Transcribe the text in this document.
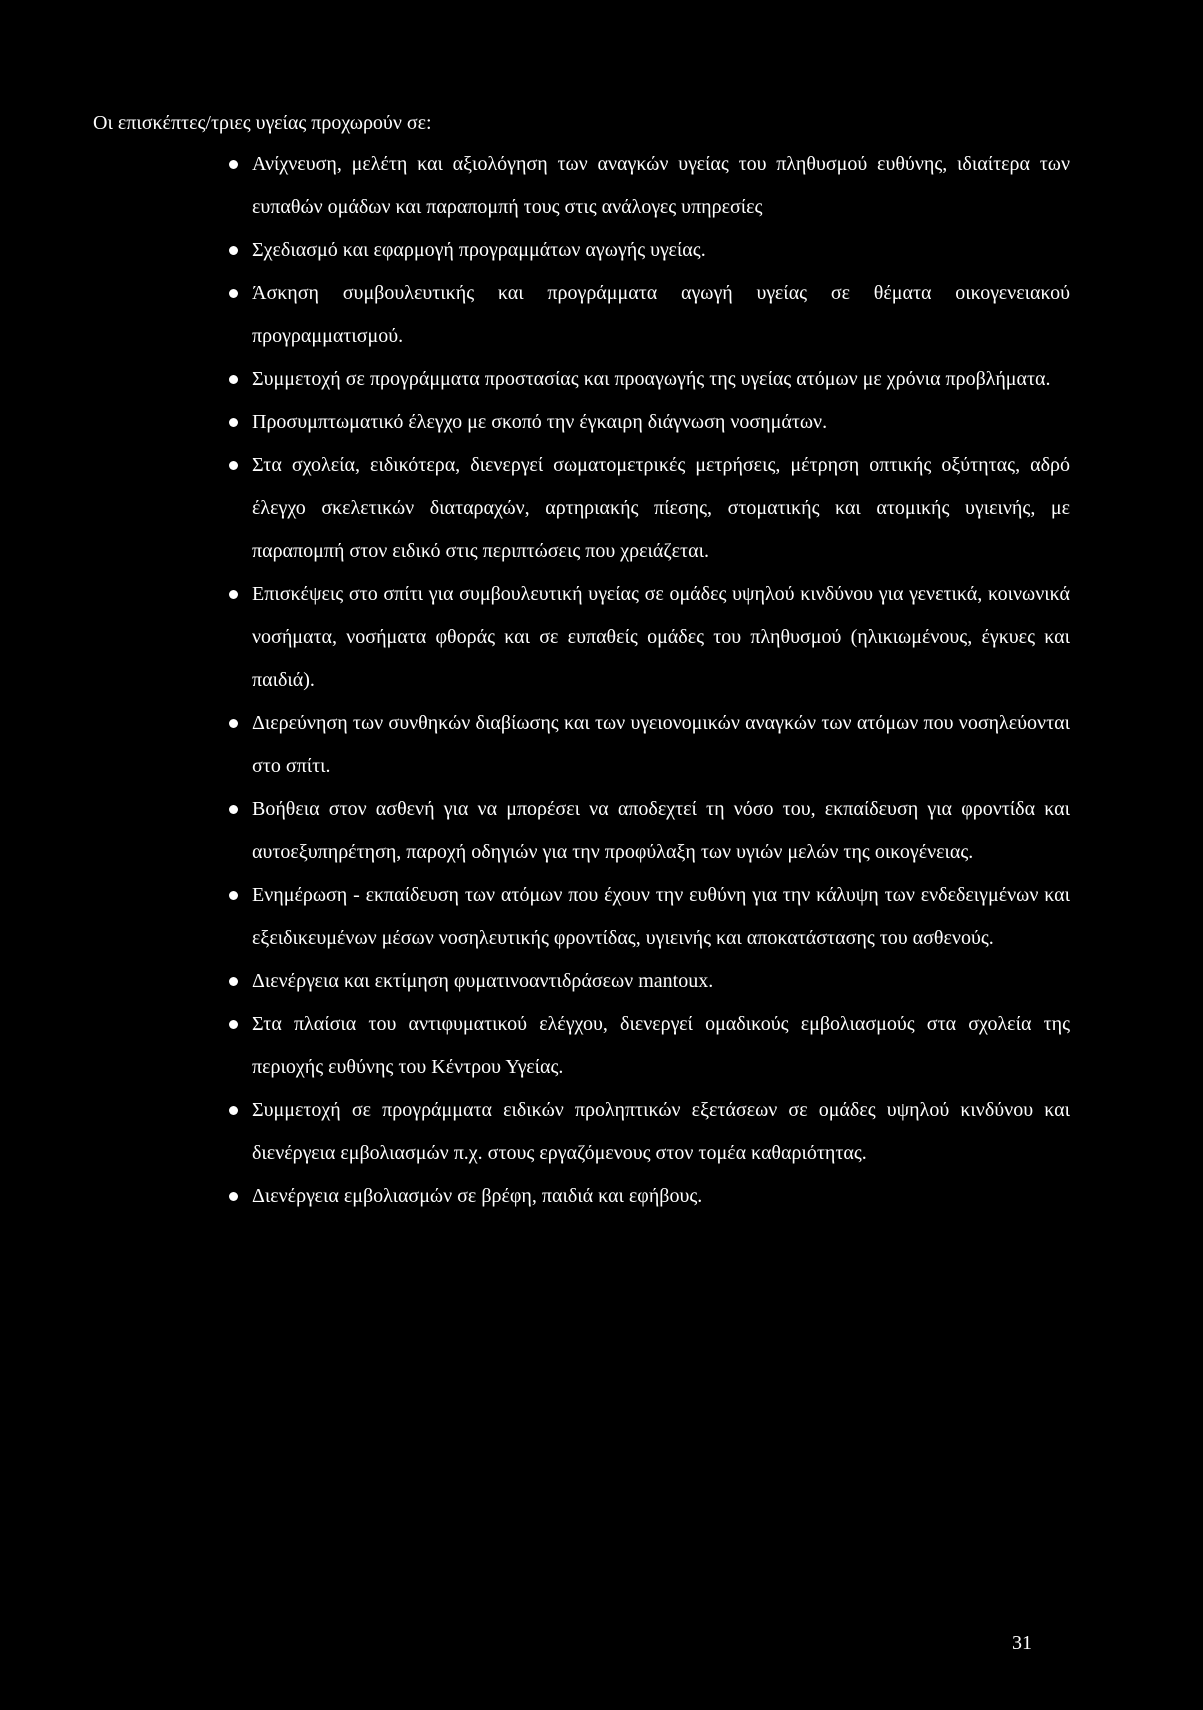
Οι επισκέπτες/τριες υγείας προχωρούν σε:
Ανίχνευση, μελέτη και αξιολόγηση των αναγκών υγείας του πληθυσμού ευθύνης, ιδιαίτερα των ευπαθών ομάδων και παραπομπή τους στις ανάλογες υπηρεσίες
Σχεδιασμό και εφαρμογή προγραμμάτων αγωγής υγείας.
Άσκηση συμβουλευτικής και προγράμματα αγωγή υγείας σε θέματα οικογενειακού προγραμματισμού.
Συμμετοχή σε προγράμματα προστασίας και προαγωγής της υγείας ατόμων με χρόνια προβλήματα.
Προσυμπτωματικό έλεγχο με σκοπό την έγκαιρη διάγνωση νοσημάτων.
Στα σχολεία, ειδικότερα, διενεργεί σωματομετρικές μετρήσεις, μέτρηση οπτικής οξύτητας, αδρό έλεγχο σκελετικών διαταραχών, αρτηριακής πίεσης, στοματικής και ατομικής υγιεινής, με παραπομπή στον ειδικό στις περιπτώσεις που χρειάζεται.
Επισκέψεις στο σπίτι για συμβουλευτική υγείας σε ομάδες υψηλού κινδύνου για γενετικά, κοινωνικά νοσήματα, νοσήματα φθοράς και σε ευπαθείς ομάδες του πληθυσμού (ηλικιωμένους, έγκυες και παιδιά).
Διερεύνηση των συνθηκών διαβίωσης και των υγειονομικών αναγκών των ατόμων που νοσηλεύονται στο σπίτι.
Βοήθεια στον ασθενή για να μπορέσει να αποδεχτεί τη νόσο του, εκπαίδευση για φροντίδα και αυτοεξυπηρέτηση, παροχή οδηγιών για την προφύλαξη των υγιών μελών της οικογένειας.
Ενημέρωση - εκπαίδευση των ατόμων που έχουν την ευθύνη για την κάλυψη των ενδεδειγμένων και εξειδικευμένων μέσων νοσηλευτικής φροντίδας, υγιεινής και αποκατάστασης του ασθενούς.
Διενέργεια και εκτίμηση φυματινοαντιδράσεων mantoux.
Στα πλαίσια του αντιφυματικού ελέγχου, διενεργεί ομαδικούς εμβολιασμούς στα σχολεία της περιοχής ευθύνης του Κέντρου Υγείας.
Συμμετοχή σε προγράμματα ειδικών προληπτικών εξετάσεων σε ομάδες υψηλού κινδύνου και διενέργεια εμβολιασμών π.χ. στους εργαζόμενους στον τομέα καθαριότητας.
Διενέργεια εμβολιασμών σε βρέφη, παιδιά και εφήβους.
31
